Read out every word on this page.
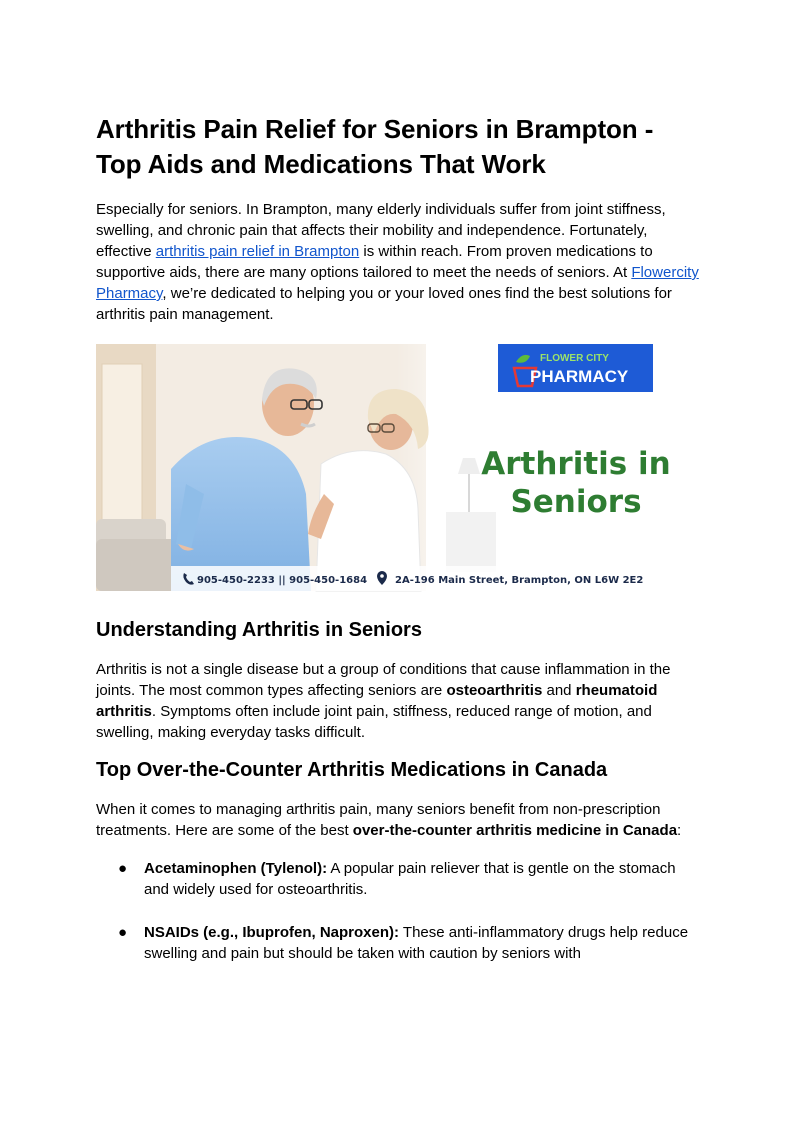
Arthritis Pain Relief for Seniors in Brampton - Top Aids and Medications That Work

Especially for seniors. In Brampton, many elderly individuals suffer from joint stiffness, swelling, and chronic pain that affects their mobility and independence. Fortunately, effective arthritis pain relief in Brampton is within reach. From proven medications to supportive aids, there are many options tailored to meet the needs of seniors. At Flowercity Pharmacy, we’re dedicated to helping you or your loved ones find the best solutions for arthritis pain management.

FLOWER CITY
PHARMACY
Arthritis in
Seniors
905-450-2233 || 905-450-1684	2A-196 Main Street, Brampton, ON L6W 2E2
Understanding Arthritis in Seniors

Arthritis is not a single disease but a group of conditions that cause inflammation in the joints. The most common types affecting seniors are osteoarthritis and rheumatoid arthritis. Symptoms often include joint pain, stiffness, reduced range of motion, and swelling, making everyday tasks difficult.

Top Over-the-Counter Arthritis Medications in Canada

When it comes to managing arthritis pain, many seniors benefit from non-prescription treatments. Here are some of the best over-the-counter arthritis medicine in Canada:

● Acetaminophen (Tylenol): A popular pain reliever that is gentle on the stomach and widely used for osteoarthritis.
● NSAIDs (e.g., Ibuprofen, Naproxen): These anti-inflammatory drugs help reduce swelling and pain but should be taken with caution by seniors with
